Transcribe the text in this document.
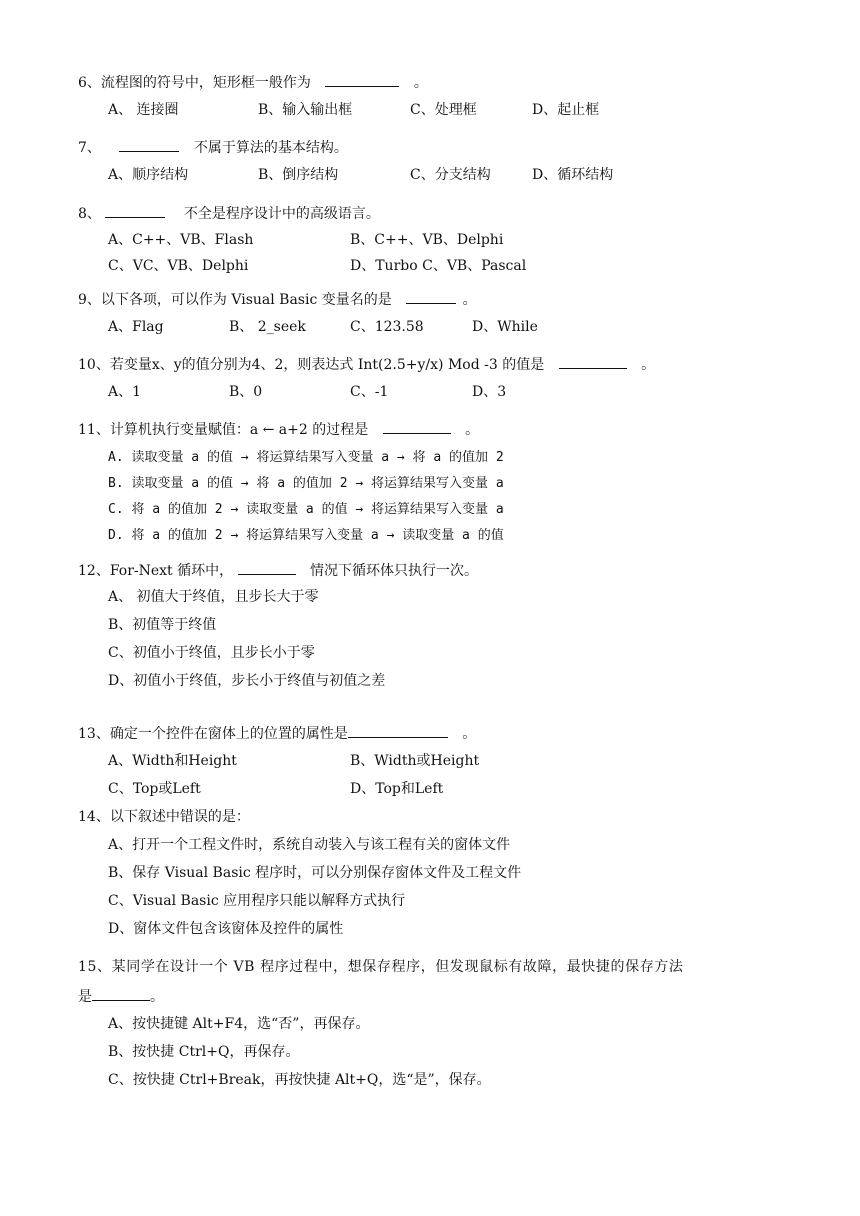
6、流程图的符号中，矩形框一般作为	。
A、 连接圈	B、输入输出框	C、处理框	D、起止框
7、	不属于算法的基本结构。
A、顺序结构	B、倒序结构	C、分支结构	D、循环结构
8、	不全是程序设计中的高级语言。
A、C++、VB、Flash	B、C++、VB、Delphi
C、VC、VB、Delphi	D、Turbo C、VB、Pascal
9、以下各项，可以作为 Visual Basic 变量名的是	。
A、Flag	B、 2_seek	C、123.58	D、While
10、若变量x、y的值分别为4、2，则表达式 Int(2.5+y/x) Mod -3 的值是	。
A、1	B、0	C、-1	D、3
11、计算机执行变量赋值：a ← a+2 的过程是	。
A. 读取变量 a 的值 → 将运算结果写入变量 a → 将 a 的值加 2
B. 读取变量 a 的值 → 将 a 的值加 2 → 将运算结果写入变量 a
C. 将 a 的值加 2 → 读取变量 a 的值 → 将运算结果写入变量 a
D. 将 a 的值加 2 → 将运算结果写入变量 a → 读取变量 a 的值
12、For-Next 循环中，	情况下循环体只执行一次。
A、 初值大于终值，且步长大于零
B、初值等于终值
C、初值小于终值，且步长小于零
D、初值小于终值，步长小于终值与初值之差
13、确定一个控件在窗体上的位置的属性是	。
A、Width和Height	B、Width或Height
C、Top或Left	D、Top和Left
14、以下叙述中错误的是：
A、打开一个工程文件时，系统自动装入与该工程有关的窗体文件
B、保存 Visual Basic 程序时，可以分别保存窗体文件及工程文件
C、Visual Basic 应用程序只能以解释方式执行
D、窗体文件包含该窗体及控件的属性
15、某同学在设计一个 VB 程序过程中，想保存程序，但发现鼠标有故障，最快捷的保存方法
是	。
A、按快捷键 Alt+F4，选“否”，再保存。
B、按快捷 Ctrl+Q，再保存。
C、按快捷 Ctrl+Break，再按快捷 Alt+Q，选“是”，保存。
